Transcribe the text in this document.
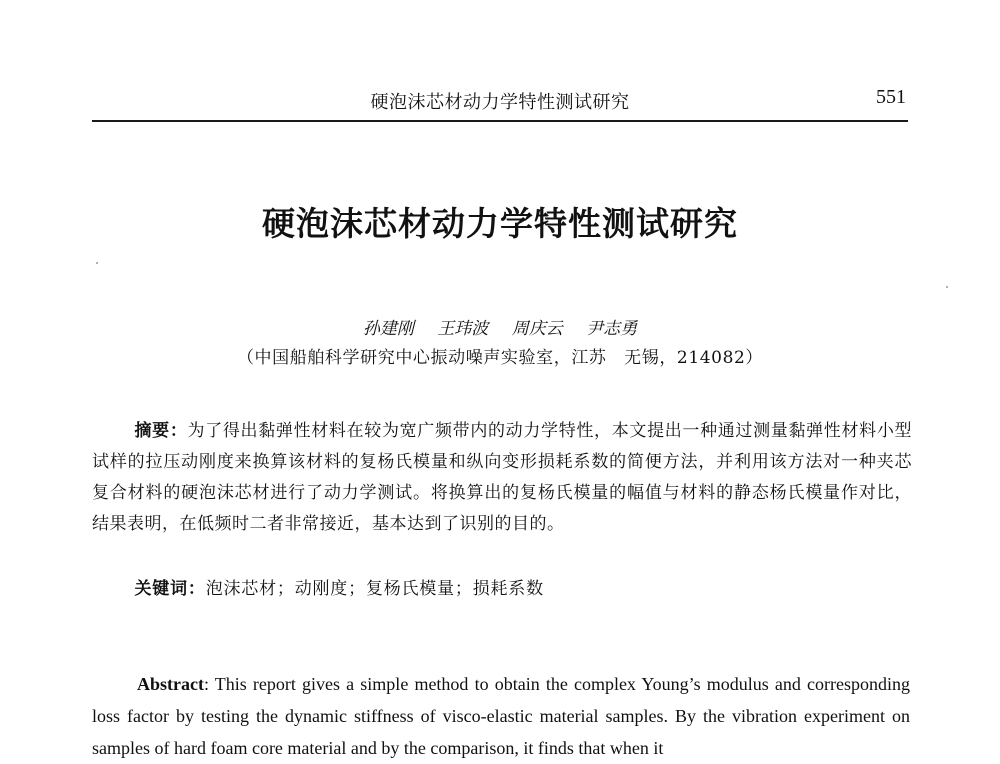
硬泡沫芯材动力学特性测试研究	551
硬泡沫芯材动力学特性测试研究
孙建刚 王玮波 周庆云 尹志勇
（中国船舶科学研究中心振动噪声实验室，江苏　无锡，214082）
摘要：为了得出黏弹性材料在较为宽广频带内的动力学特性，本文提出一种通过测量黏弹性材料小型试样的拉压动刚度来换算该材料的复杨氏模量和纵向变形损耗系数的简便方法，并利用该方法对一种夹芯复合材料的硬泡沫芯材进行了动力学测试。将换算出的复杨氏模量的幅值与材料的静态杨氏模量作对比，结果表明，在低频时二者非常接近，基本达到了识别的目的。
关键词：泡沫芯材；动刚度；复杨氏模量；损耗系数
Abstract: This report gives a simple method to obtain the complex Young’s modulus and corresponding loss factor by testing the dynamic stiffness of visco-elastic material samples. By the vibration experiment on samples of hard foam core material and by the comparison, it finds that when it
